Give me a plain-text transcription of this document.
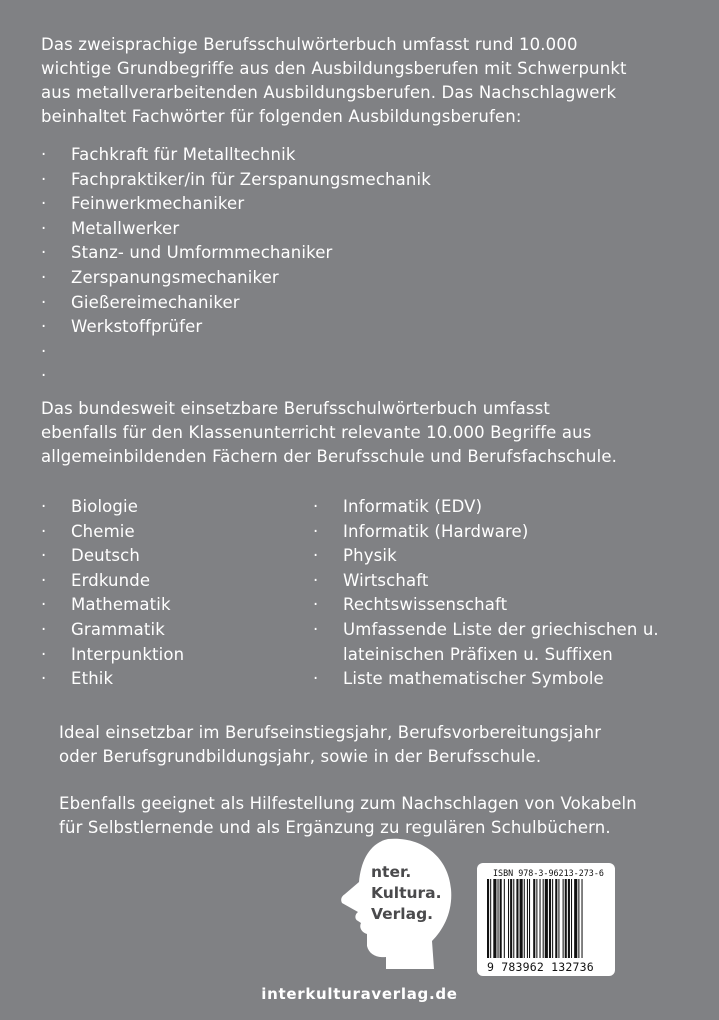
Das zweisprachige Berufsschulwörterbuch umfasst rund 10.000
wichtige Grundbegriffe aus den Ausbildungsberufen mit Schwerpunkt
aus metallverarbeitenden Ausbildungsberufen. Das Nachschlagwerk
beinhaltet Fachwörter für folgenden Ausbildungsberufen:
· Fachkraft für Metalltechnik
· Fachpraktiker/in für Zerspanungsmechanik
· Feinwerkmechaniker
· Metallwerker
· Stanz- und Umformmechaniker
· Zerspanungsmechaniker
· Gießereimechaniker
· Werkstoffprüfer
·
·
Das bundesweit einsetzbare Berufsschulwörterbuch umfasst
ebenfalls für den Klassenunterricht relevante 10.000 Begriffe aus
allgemeinbildenden Fächern der Berufsschule und Berufsfachschule.
· Biologie
· Chemie
· Deutsch
· Erdkunde
· Mathematik
· Grammatik
· Interpunktion
· Ethik
· Informatik (EDV)
· Informatik (Hardware)
· Physik
· Wirtschaft
· Rechtswissenschaft
· Umfassende Liste der griechischen u.
lateinischen Präfixen u. Suffixen
· Liste mathematischer Symbole
Ideal einsetzbar im Berufseinstiegsjahr, Berufsvorbereitungsjahr
oder Berufsgrundbildungsjahr, sowie in der Berufsschule.
Ebenfalls geeignet als Hilfestellung zum Nachschlagen von Vokabeln
für Selbstlernende und als Ergänzung zu regulären Schulbüchern.
nter.
Kultura.
Verlag.
ISBN 978-3-96213-273-6
9 783962 132736
interkulturaverlag.de
